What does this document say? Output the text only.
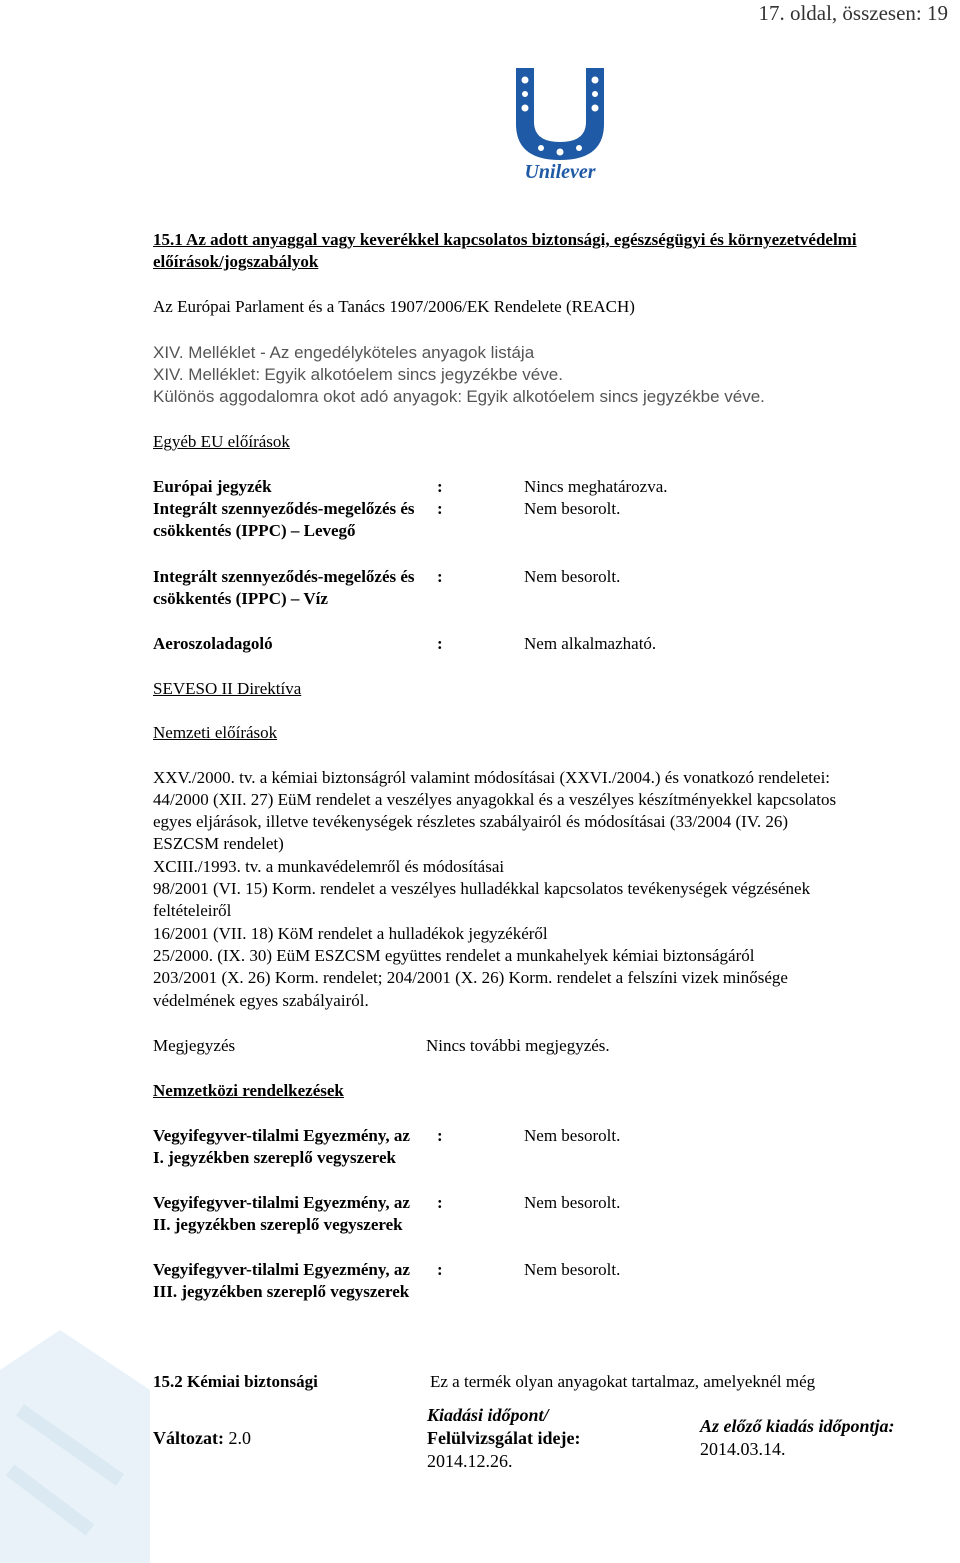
17. oldal, összesen: 19
Unilever
15.1 Az adott anyaggal vagy keverékkel kapcsolatos biztonsági, egészségügyi és környezetvédelmi előírások/jogszabályok
Az Európai Parlament és a Tanács 1907/2006/EK Rendelete (REACH)
XIV. Melléklet - Az engedélyköteles anyagok listája
XIV. Melléklet: Egyik alkotóelem sincs jegyzékbe véve.
Különös aggodalomra okot adó anyagok: Egyik alkotóelem sincs jegyzékbe véve.
Egyéb EU előírások
Európai jegyzék	:	Nincs meghatározva.
Integrált szennyeződés-megelőzés és csökkentés (IPPC) – Levegő
:	Nem besorolt.
Integrált szennyeződés-megelőzés és csökkentés (IPPC) – Víz
:	Nem besorolt.
Aeroszoladagoló	:	Nem alkalmazható.
SEVESO II Direktíva
Nemzeti előírások
XXV./2000. tv. a kémiai biztonságról valamint módosításai (XXVI./2004.) és vonatkozó rendeletei:
44/2000 (XII. 27) EüM rendelet a veszélyes anyagokkal és a veszélyes készítményekkel kapcsolatos
egyes eljárások, illetve tevékenységek részletes szabályairól és módosításai (33/2004 (IV. 26)
ESZCSM rendelet)
XCIII./1993. tv. a munkavédelemről és módosításai
98/2001 (VI. 15) Korm. rendelet a veszélyes hulladékkal kapcsolatos tevékenységek végzésének
feltételeiről
16/2001 (VII. 18) KöM rendelet a hulladékok jegyzékéről
25/2000. (IX. 30) EüM ESZCSM együttes rendelet a munkahelyek kémiai biztonságáról
203/2001 (X. 26) Korm. rendelet; 204/2001 (X. 26) Korm. rendelet a felszíni vizek minősége
védelmének egyes szabályairól.
Megjegyzés	Nincs további megjegyzés.
Nemzetközi rendelkezések
Vegyifegyver-tilalmi Egyezmény, az I. jegyzékben szereplő vegyszerek
:	Nem besorolt.
Vegyifegyver-tilalmi Egyezmény, az II. jegyzékben szereplő vegyszerek
:	Nem besorolt.
Vegyifegyver-tilalmi Egyezmény, az III. jegyzékben szereplő vegyszerek
:	Nem besorolt.
15.2 Kémiai biztonsági	Ez a termék olyan anyagokat tartalmaz, amelyeknél még
Változat: 2.0
Kiadási időpont/
Felülvizsgálat ideje:
2014.12.26.
Az előző kiadás időpontja:
2014.03.14.
